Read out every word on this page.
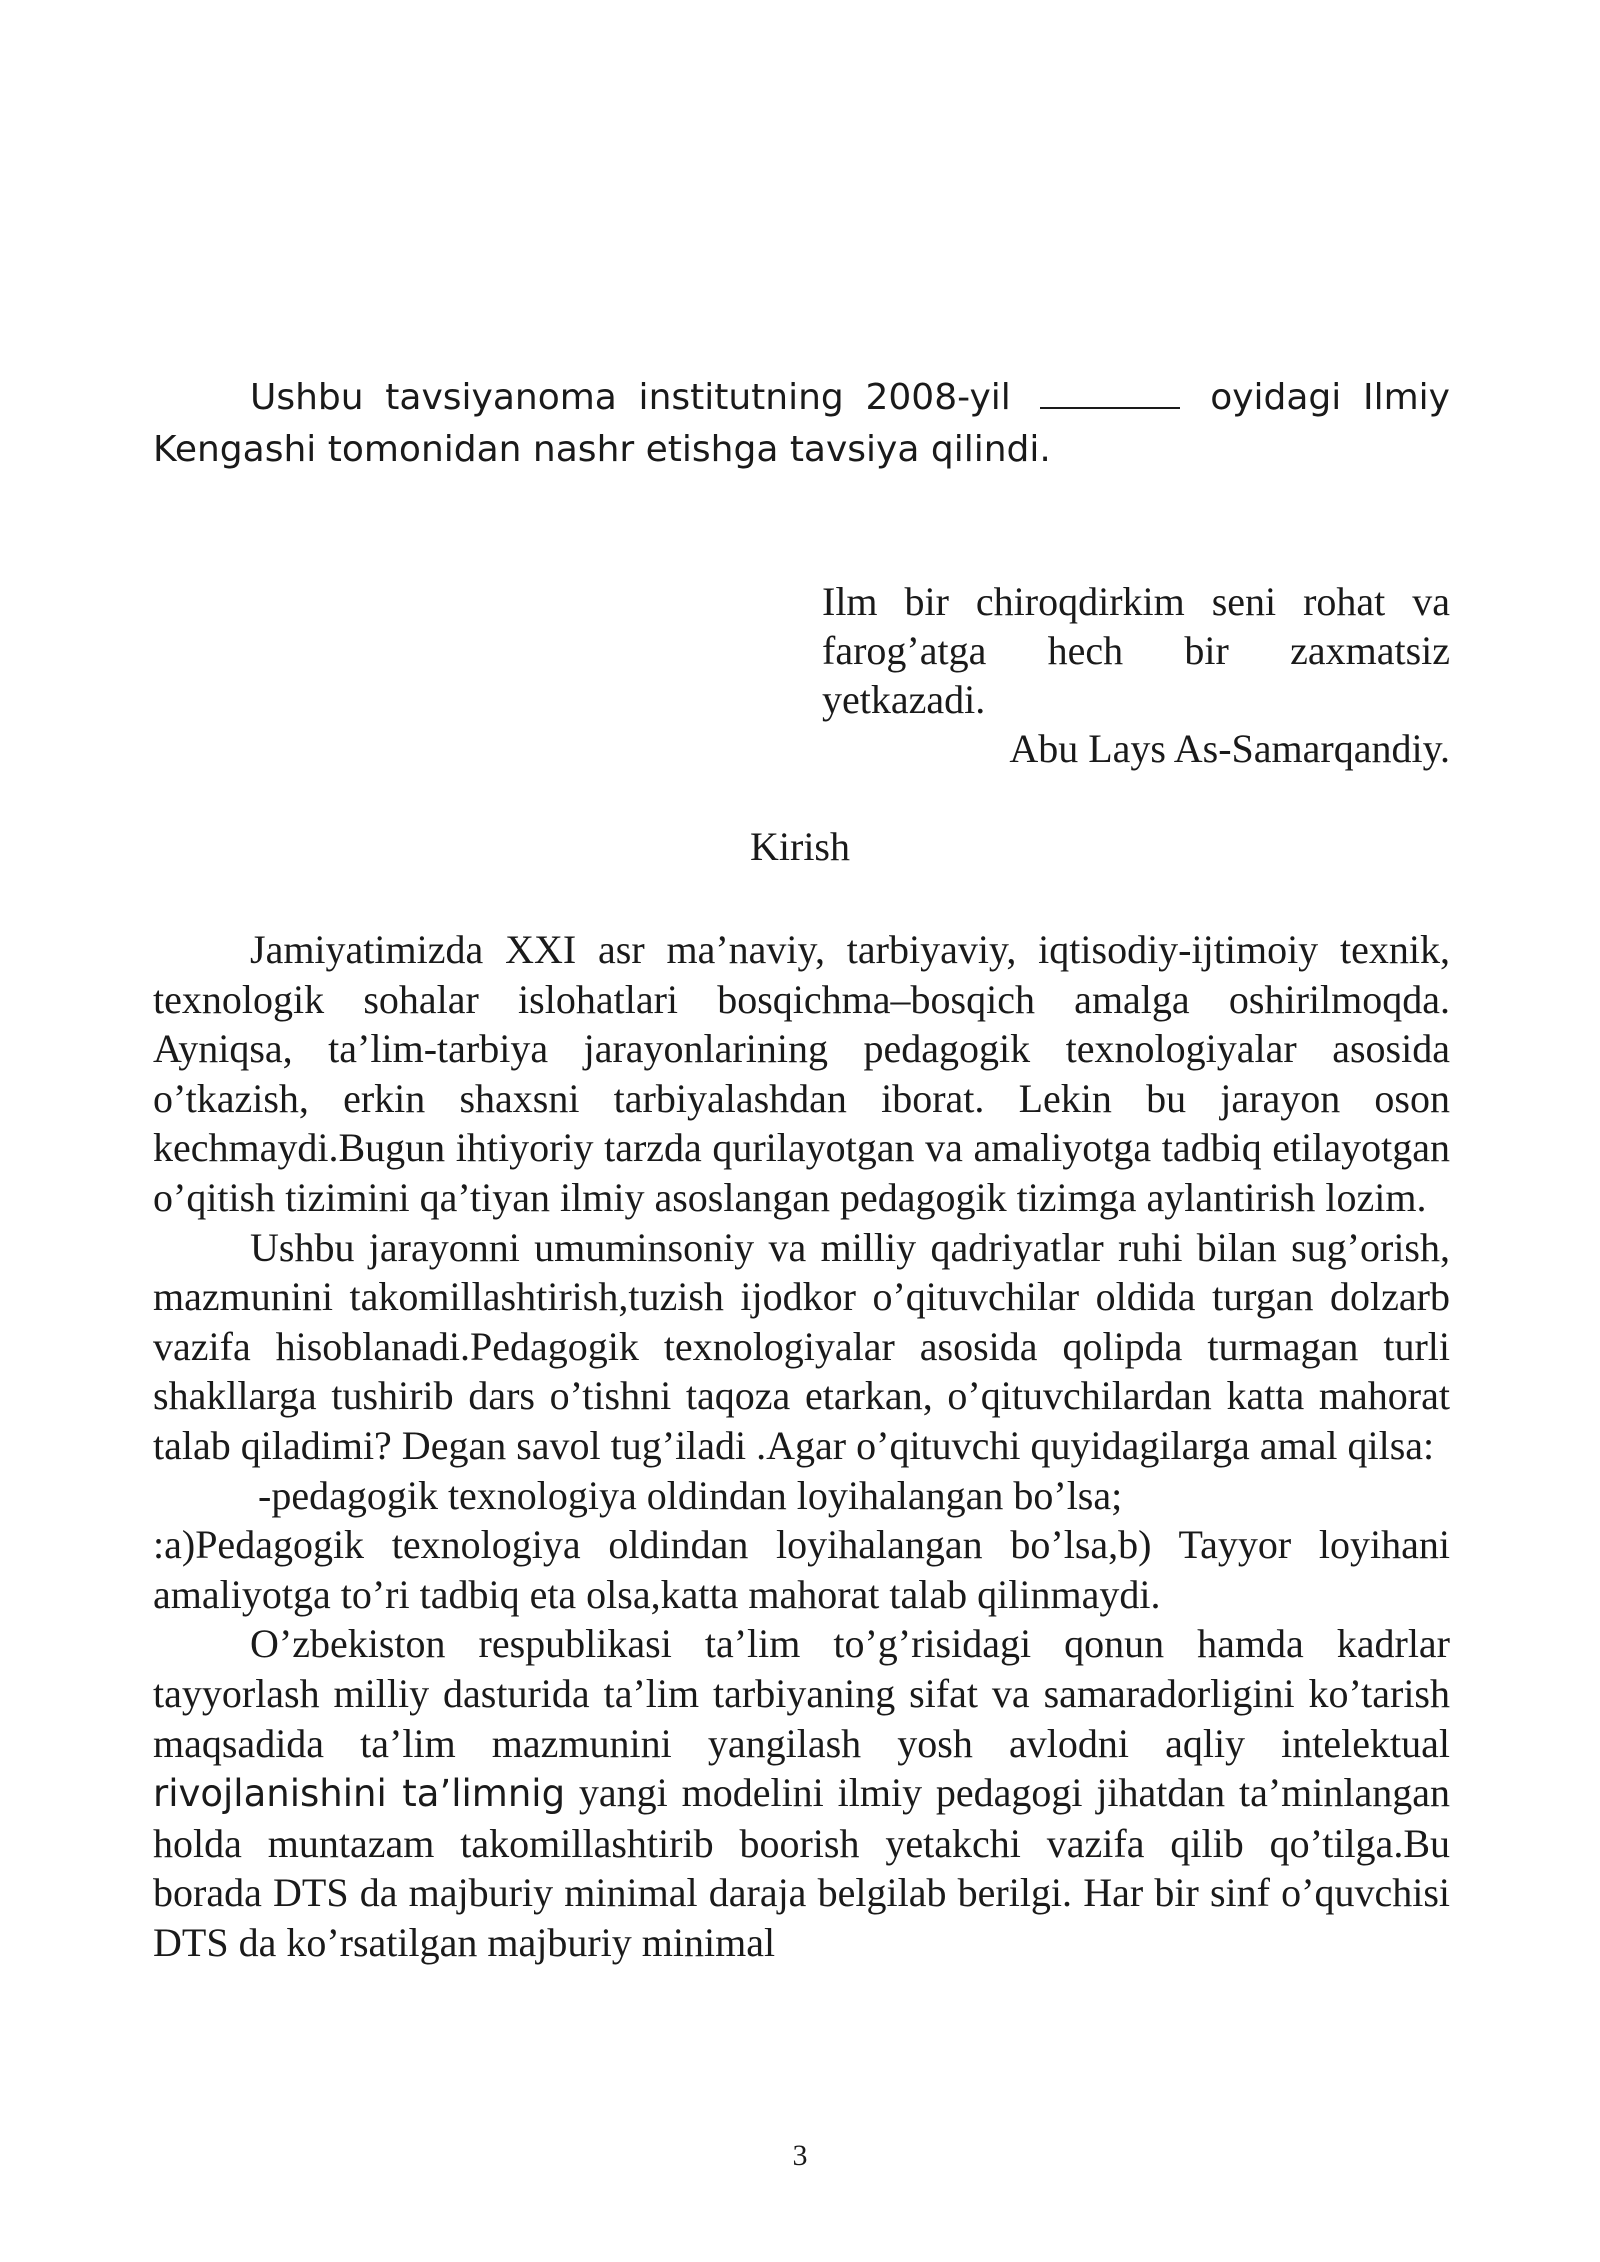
Ushbu tavsiyanoma institutning 2008-yil	oyidagi Ilmiy Kengashi tomonidan nashr etishga tavsiya qilindi.
Ilm bir chiroqdirkim seni rohat va farog’atga hech bir zaxmatsiz yetkazadi.
Abu Lays As-Samarqandiy.
Kirish

Jamiyatimizda XXI asr ma’naviy, tarbiyaviy, iqtisodiy-ijtimoiy texnik, texnologik sohalar islohatlari bosqichma–bosqich amalga oshirilmoqda. Ayniqsa, ta’lim-tarbiya jarayonlarining pedagogik texnologiyalar asosida o’tkazish, erkin shaxsni tarbiyalashdan iborat. Lekin bu jarayon oson kechmaydi.Bugun ihtiyoriy tarzda qurilayotgan va amaliyotga tadbiq etilayotgan o’qitish tizimini qa’tiyan ilmiy asoslangan pedagogik tizimga aylantirish lozim.

Ushbu jarayonni umuminsoniy va milliy qadriyatlar ruhi bilan sug’orish, mazmunini takomillashtirish,tuzish ijodkor o’qituvchilar oldida turgan dolzarb vazifa hisoblanadi.Pedagogik texnologiyalar asosida qolipda turmagan turli shakllarga tushirib dars o’tishni taqoza etarkan, o’qituvchilardan katta mahorat talab qiladimi? Degan savol tug’iladi .Agar o’qituvchi quyidagilarga amal qilsa:

-pedagogik texnologiya oldindan loyihalangan bo’lsa;

:a)Pedagogik texnologiya oldindan loyihalangan bo’lsa,b) Tayyor loyihani amaliyotga to’ri tadbiq eta olsa,katta mahorat talab qilinmaydi.

O’zbekiston respublikasi ta’lim to’g’risidagi qonun hamda kadrlar tayyorlash milliy dasturida ta’lim tarbiyaning sifat va samaradorligini ko’tarish maqsadida ta’lim mazmunini yangilash yosh avlodni aqliy intelektual rivojlanishini ta’limnig yangi modelini ilmiy pedagogi jihatdan ta’minlangan holda muntazam takomillashtirib boorish yetakchi vazifa qilib qo’tilga.Bu borada DTS da majburiy minimal daraja belgilab berilgi. Har bir sinf o’quvchisi DTS da ko’rsatilgan majburiy minimal

3
